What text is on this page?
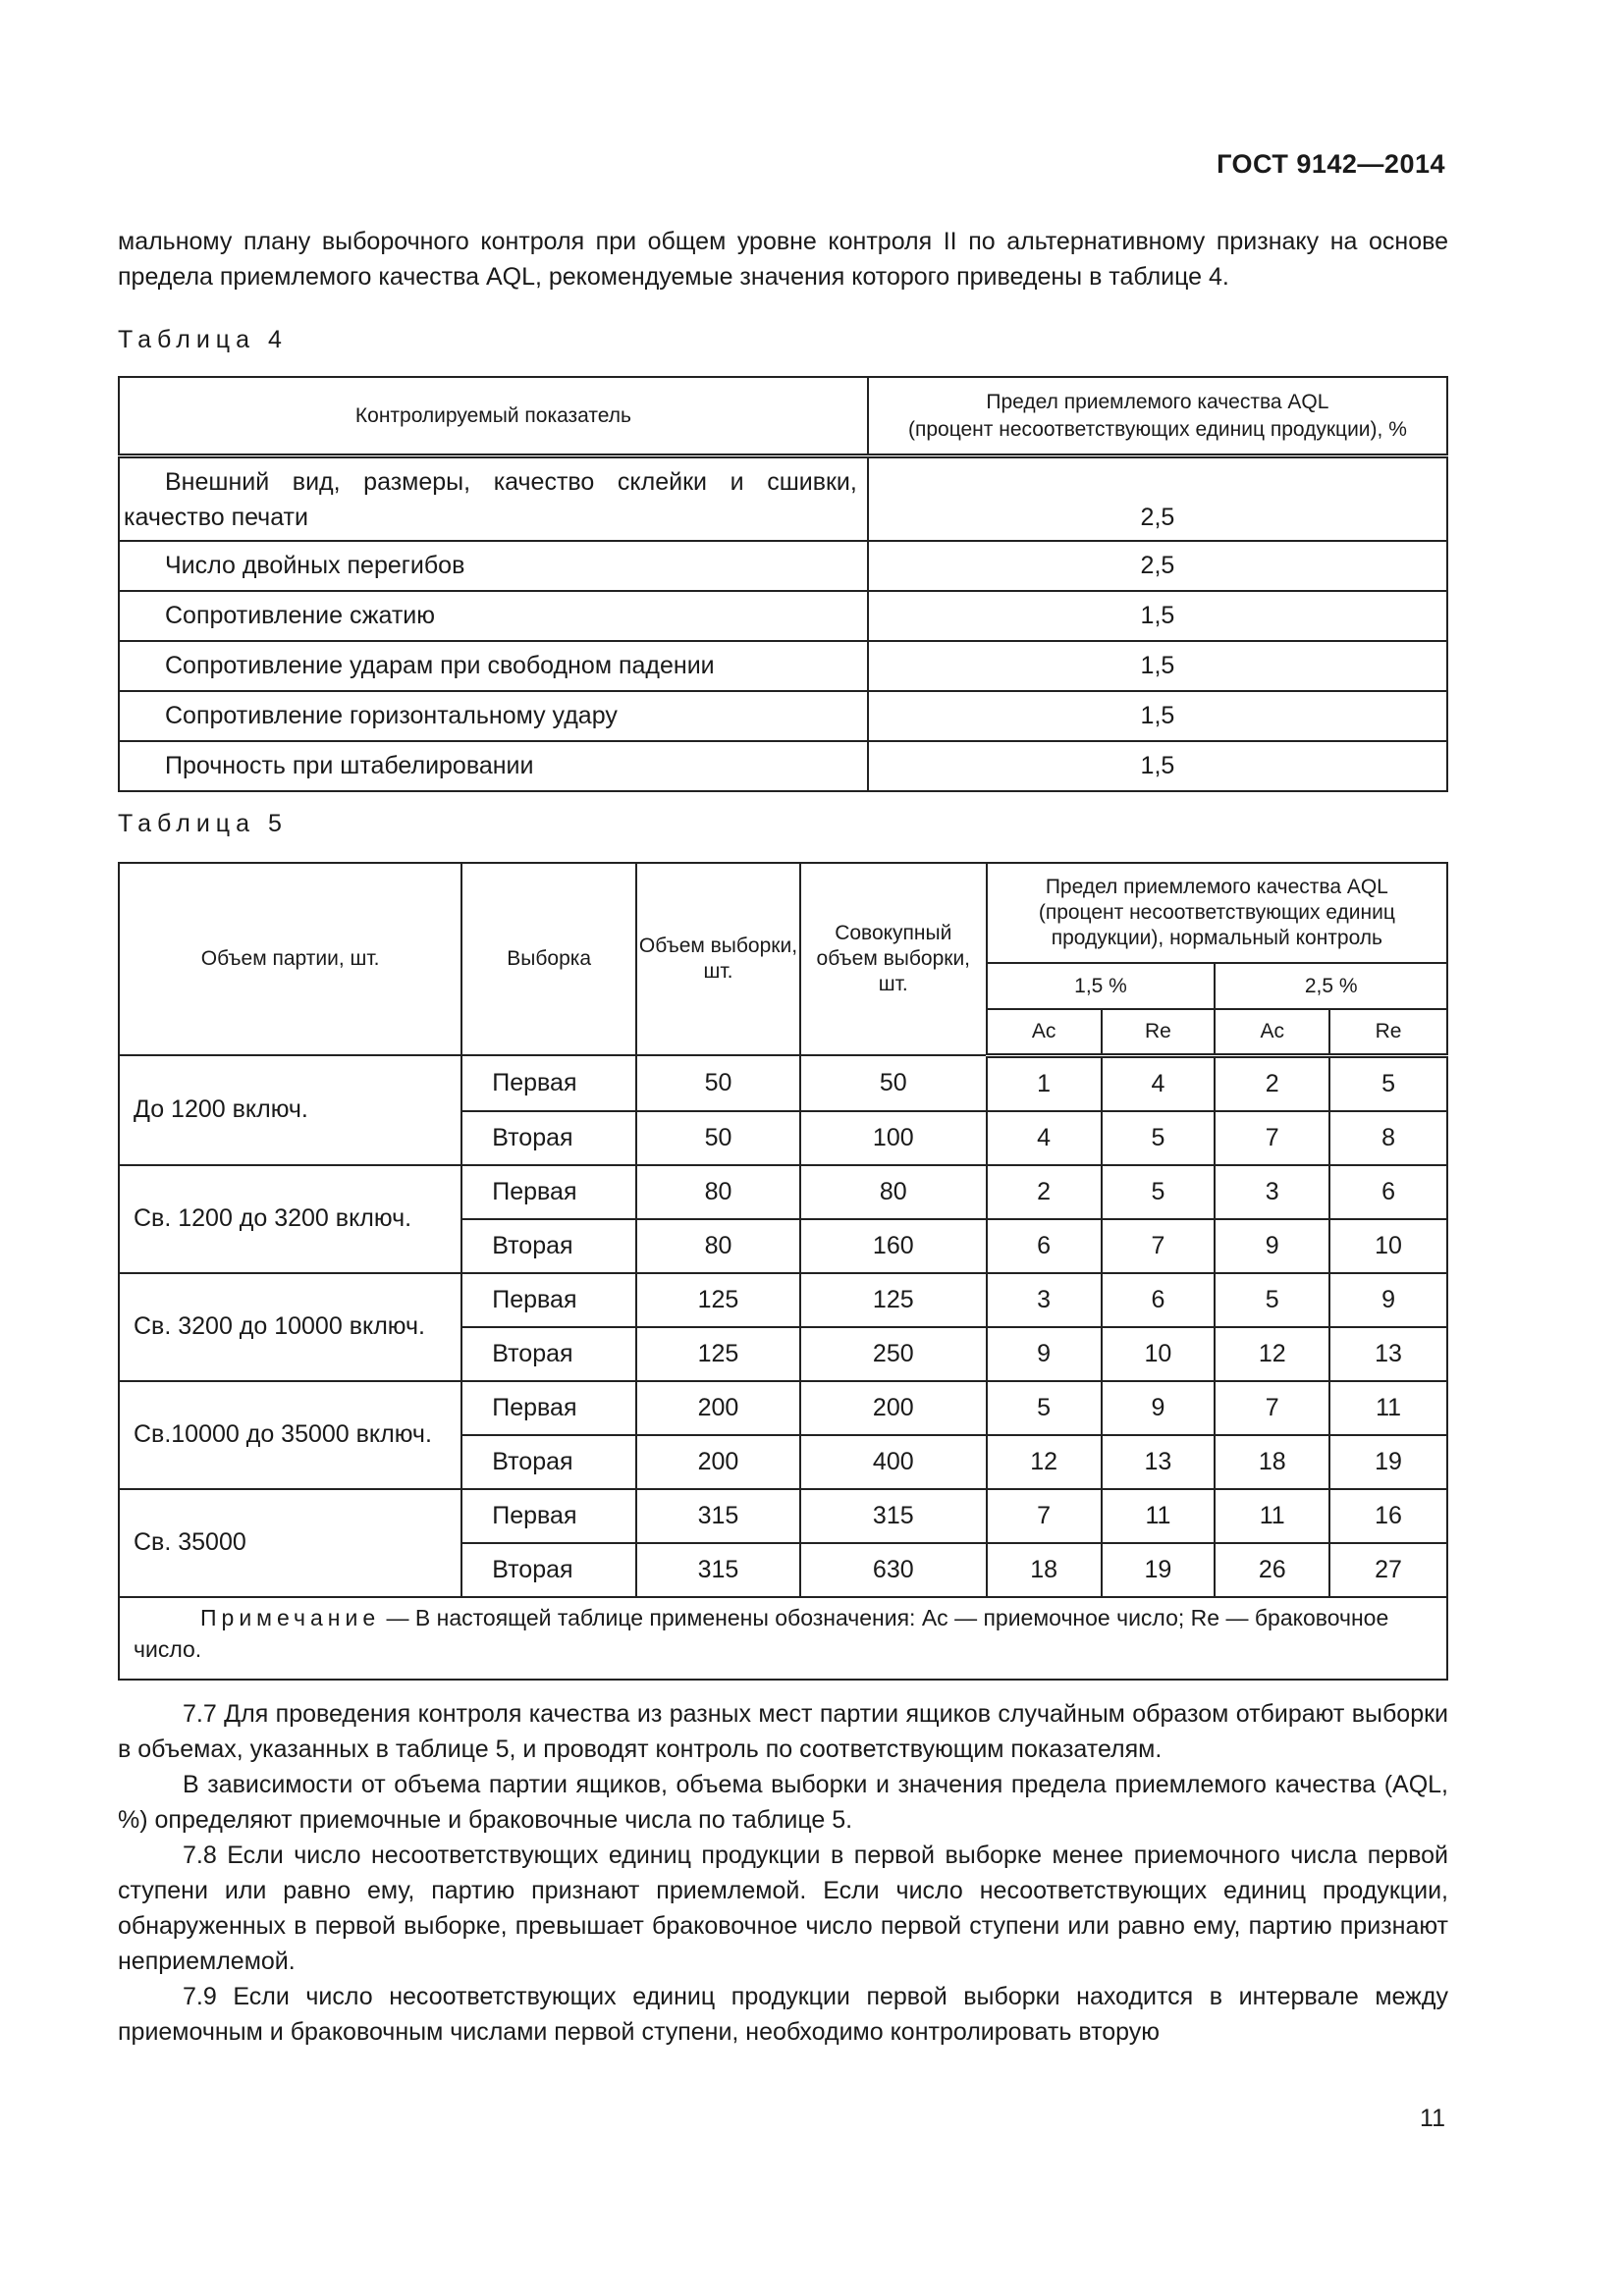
ГОСТ 9142—2014

мальному плану выборочного контроля при общем уровне контроля II по альтернативному признаку на основе предела приемлемого качества AQL, рекомендуемые значения которого приведены в таблице 4.

Таблица 4
Контролируемый показатель	Предел приемлемого качества AQL
(процент несоответствующих единиц продукции), %
Внешний вид, размеры, качество склейки и сшивки, качество печати	2,5
Число двойных перегибов	2,5
Сопротивление сжатию	1,5
Сопротивление ударам при свободном падении	1,5
Сопротивление горизонтальному удару	1,5
Прочность при штабелировании	1,5
Таблица 5
Объем партии, шт.	Выборка	Объем выборки, шт.	Совокупный объем выборки, шт.	Предел приемлемого качества AQL (процент несоответствующих единиц продукции), нормальный контроль			
				1,5 %		2,5 %	
				Ac	Re	Ac	Re
До 1200 включ.	Первая	50	50	1	4	2	5
	Вторая	50	100	4	5	7	8
Св. 1200 до 3200 включ.	Первая	80	80	2	5	3	6
	Вторая	80	160	6	7	9	10
Св. 3200 до 10000 включ.	Первая	125	125	3	6	5	9
	Вторая	125	250	9	10	12	13
Св.10000 до 35000 включ.	Первая	200	200	5	9	7	11
	Вторая	200	400	12	13	18	19
Св. 35000	Первая	315	315	7	11	11	16
	Вторая	315	630	18	19	26	27
Примечание — В настоящей таблице применены обозначения: Ac — приемочное число; Re — браковочное число.							

7.7 Для проведения контроля качества из разных мест партии ящиков случайным образом отбирают выборки в объемах, указанных в таблице 5, и проводят контроль по соответствующим показателям.

В зависимости от объема партии ящиков, объема выборки и значения предела приемлемого качества (AQL, %) определяют приемочные и браковочные числа по таблице 5.

7.8 Если число несоответствующих единиц продукции в первой выборке менее приемочного числа первой ступени или равно ему, партию признают приемлемой. Если число несоответствующих единиц продукции, обнаруженных в первой выборке, превышает браковочное число первой ступени или равно ему, партию признают неприемлемой.

7.9 Если число несоответствующих единиц продукции первой выборки находится в интервале между приемочным и браковочным числами первой ступени, необходимо контролировать вторую

11
